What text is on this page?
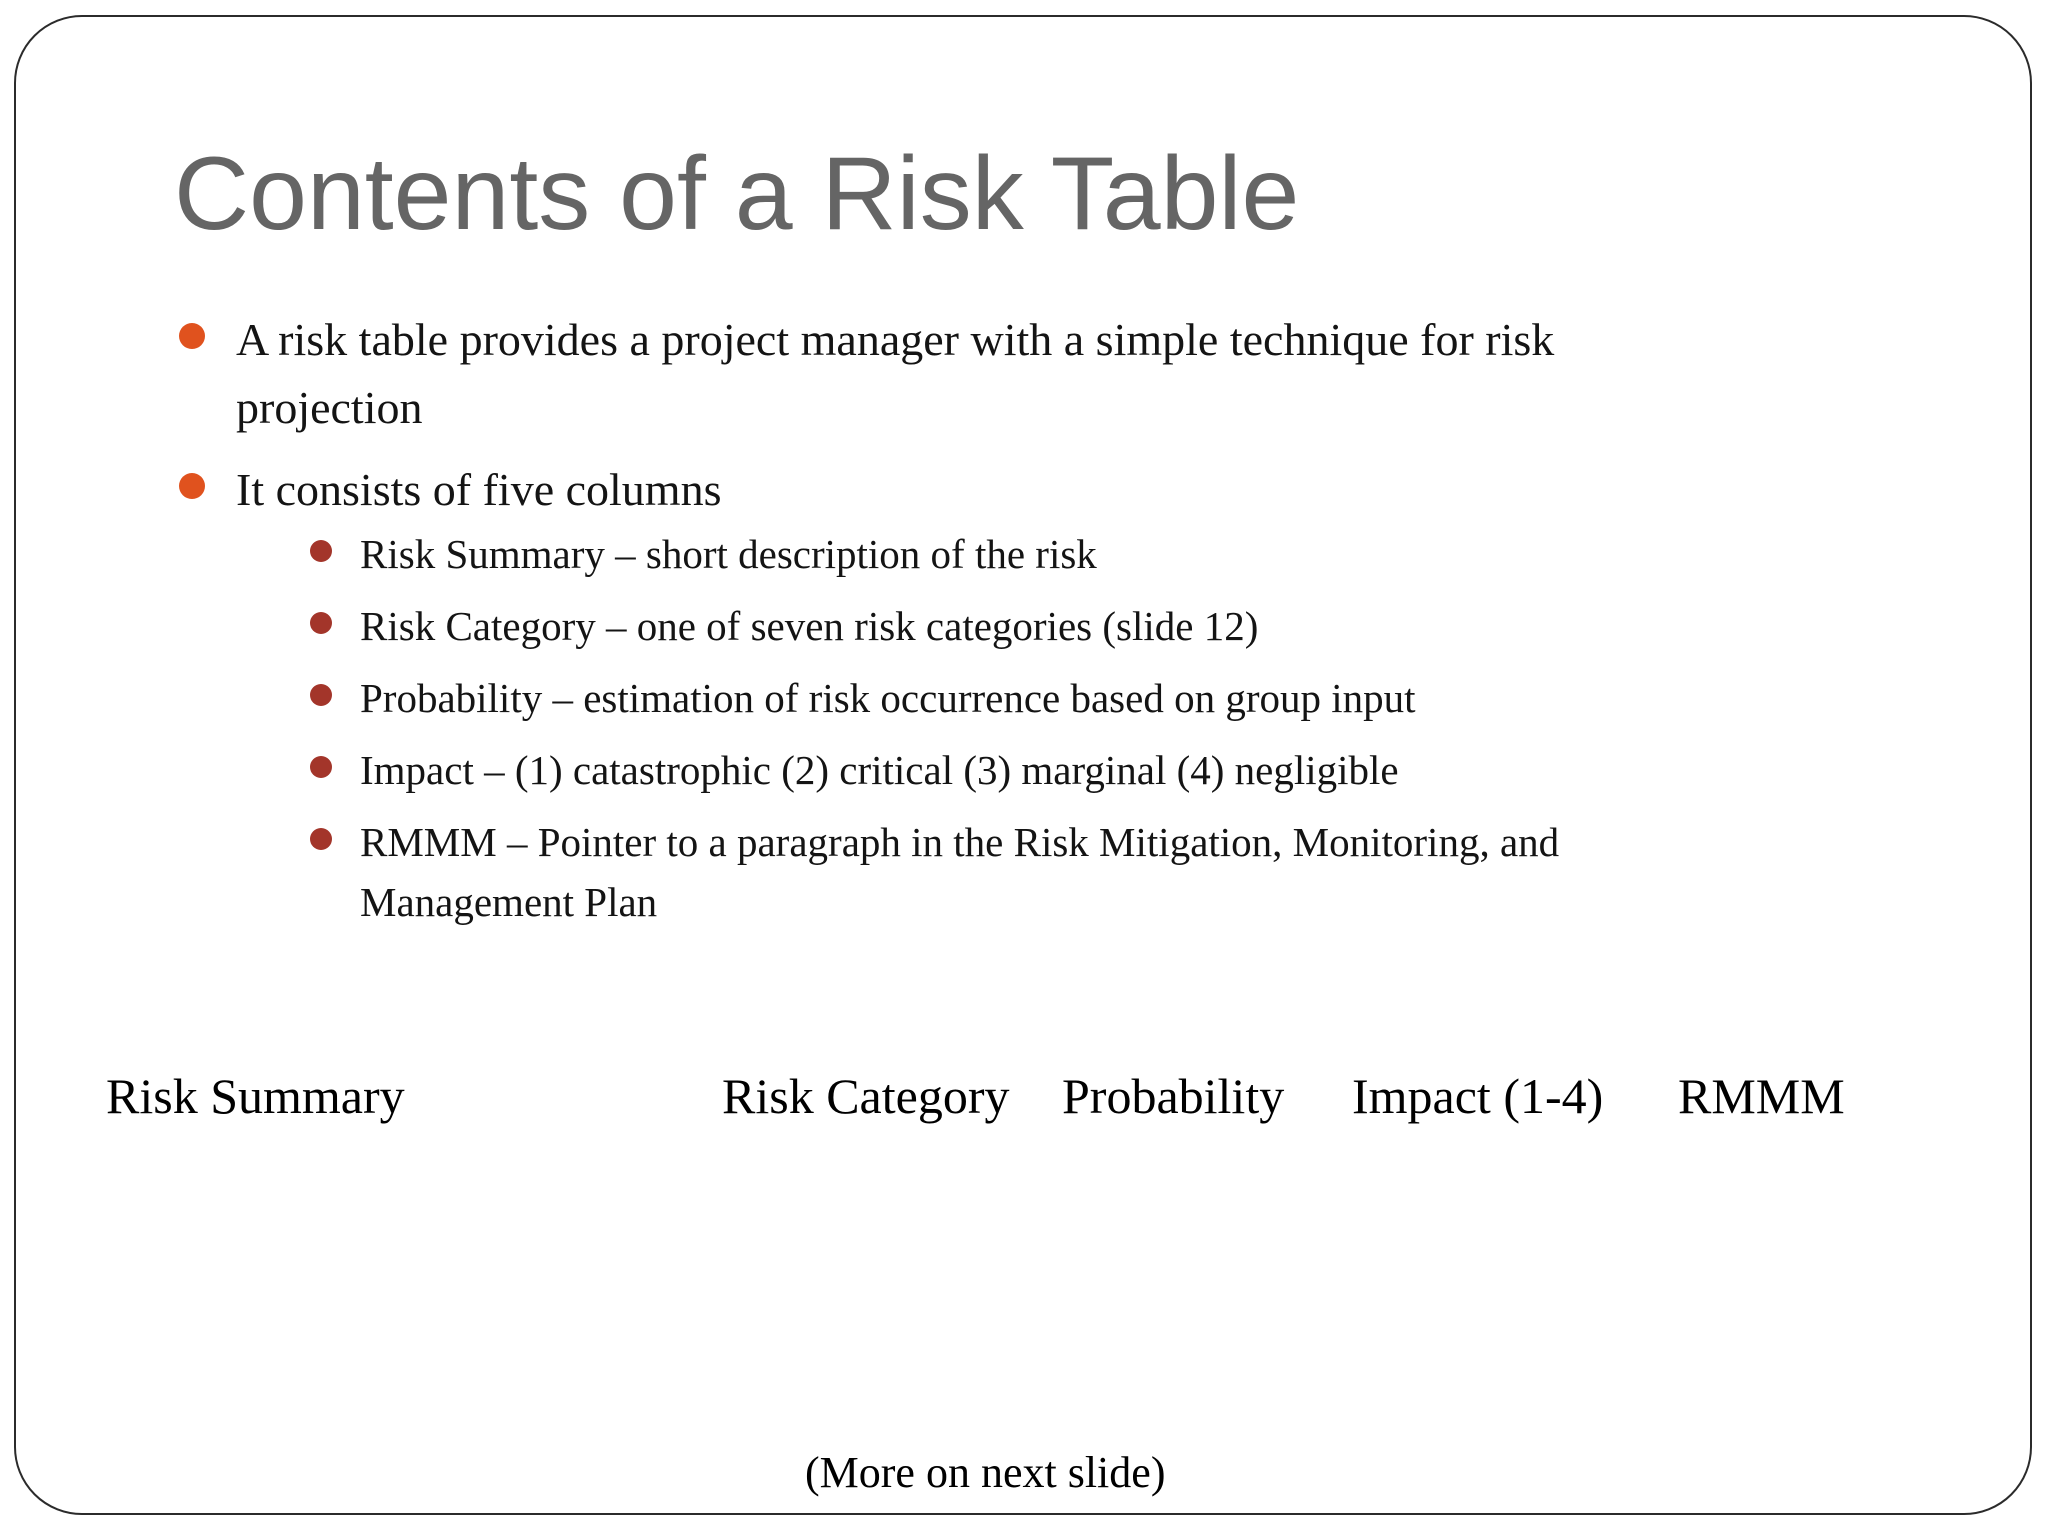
Contents of a Risk Table
A risk table provides a project manager with a simple technique for risk projection
It consists of five columns
Risk Summary – short description of the risk
Risk Category – one of seven risk categories (slide 12)
Probability – estimation of risk occurrence based on group input
Impact – (1) catastrophic (2) critical (3) marginal (4) negligible
RMMM – Pointer to a paragraph in the Risk Mitigation, Monitoring, and Management Plan
Risk Summary	Risk Category Probability Impact (1-4) RMMM
(More on next slide)
